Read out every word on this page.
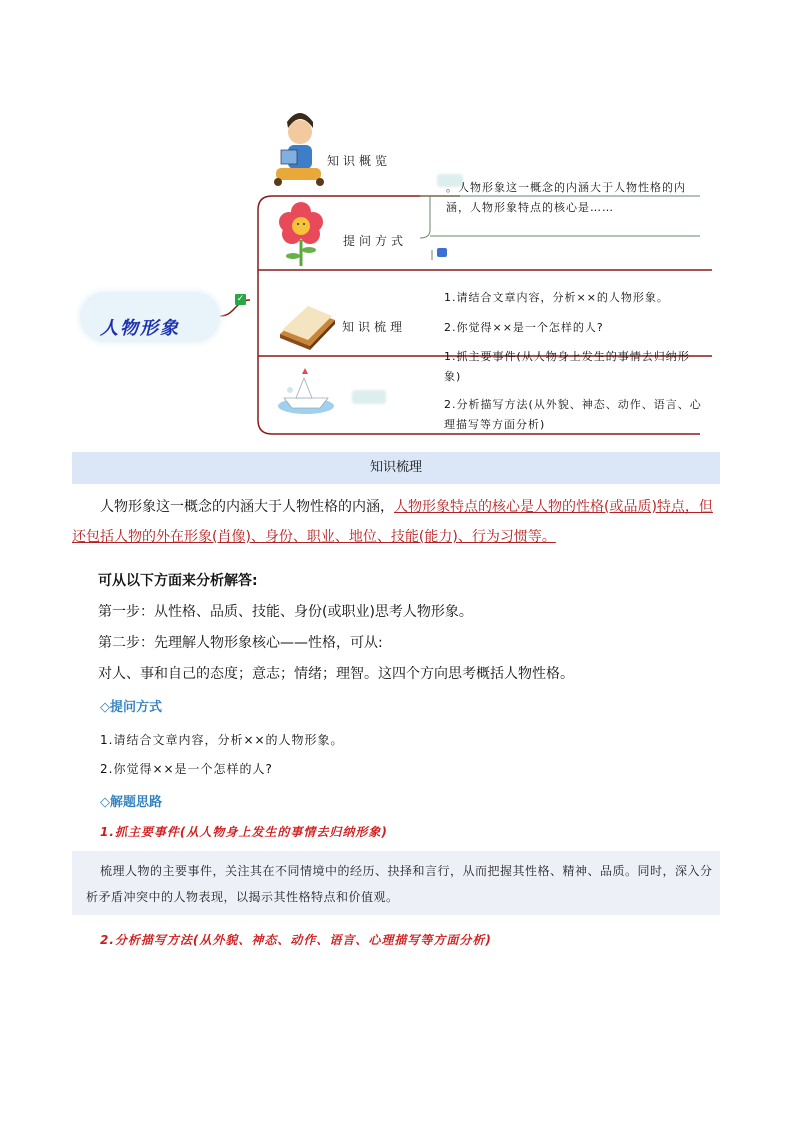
人物形象
✓
知识概览
提问方式
知识梳理
。人物形象这一概念的内涵大于人物性格的内涵，人物形象特点的核心是……
1.请结合文章内容，分析××的人物形象。
2.你觉得××是一个怎样的人?
1.抓主要事件(从人物身上发生的事情去归纳形象)
2.分析描写方法(从外貌、神态、动作、语言、心理描写等方面分析)
知识梳理
人物形象这一概念的内涵大于人物性格的内涵，人物形象特点的核心是人物的性格(或品质)特点，但还包括人物的外在形象(肖像)、身份、职业、地位、技能(能力)、行为习惯等。
可从以下方面来分析解答:
第一步：从性格、品质、技能、身份(或职业)思考人物形象。
第二步：先理解人物形象核心——性格，可从:
对人、事和自己的态度；意志；情绪；理智。这四个方向思考概括人物性格。
◇提问方式
1.请结合文章内容，分析××的人物形象。
2.你觉得××是一个怎样的人?
◇解题思路
1.抓主要事件(从人物身上发生的事情去归纳形象)
梳理人物的主要事件，关注其在不同情境中的经历、抉择和言行，从而把握其性格、精神、品质。同时，深入分析矛盾冲突中的人物表现，以揭示其性格特点和价值观。
2.分析描写方法(从外貌、神态、动作、语言、心理描写等方面分析)
